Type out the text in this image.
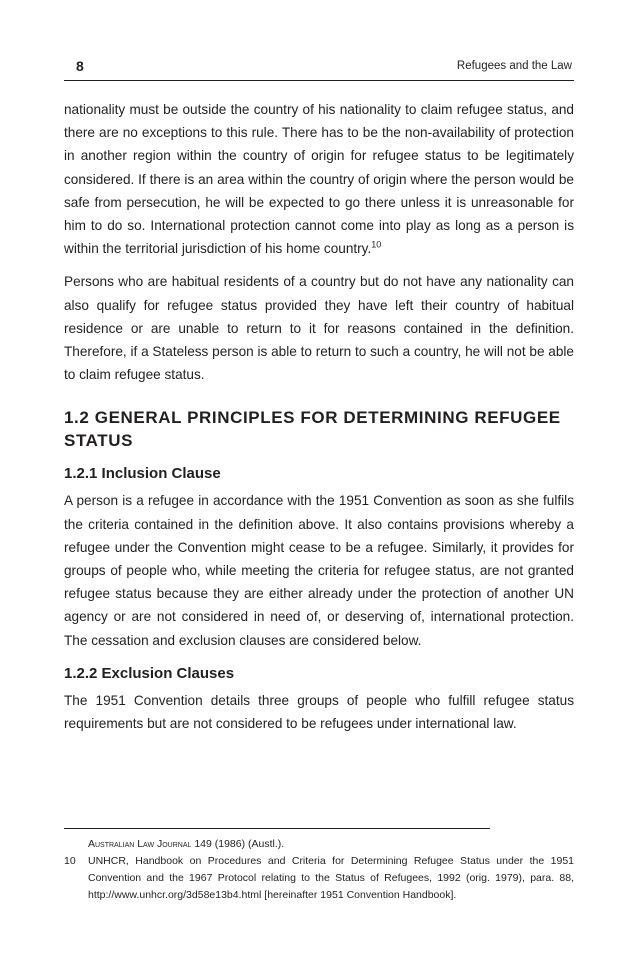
8	Refugees and the Law

nationality must be outside the country of his nationality to claim refugee status, and there are no exceptions to this rule. There has to be the non-availability of protection in another region within the country of origin for refugee status to be legitimately considered. If there is an area within the country of origin where the person would be safe from persecution, he will be expected to go there unless it is unreasonable for him to do so. International protection cannot come into play as long as a person is within the territorial jurisdiction of his home country.$^{10}$

Persons who are habitual residents of a country but do not have any nationality can also qualify for refugee status provided they have left their country of habitual residence or are unable to return to it for reasons contained in the definition. Therefore, if a Stateless person is able to return to such a country, he will not be able to claim refugee status.

1.2 GENERAL PRINCIPLES FOR DETERMINING REFUGEE STATUS
1.2.1 Inclusion Clause

A person is a refugee in accordance with the 1951 Convention as soon as she fulfils the criteria contained in the definition above. It also contains provisions whereby a refugee under the Convention might cease to be a refugee. Similarly, it provides for groups of people who, while meeting the criteria for refugee status, are not granted refugee status because they are either already under the protection of another UN agency or are not considered in need of, or deserving of, international protection. The cessation and exclusion clauses are considered below.

1.2.2 Exclusion Clauses

The 1951 Convention details three groups of people who fulfill refugee status requirements but are not considered to be refugees under international law.

Australian Law Journal 149 (1986) (Austl.).
10	UNHCR, Handbook on Procedures and Criteria for Determining Refugee Status under the 1951 Convention and the 1967 Protocol relating to the Status of Refugees, 1992 (orig. 1979), para. 88, http://www.unhcr.org/3d58e13b4.html [hereinafter 1951 Convention Handbook].
